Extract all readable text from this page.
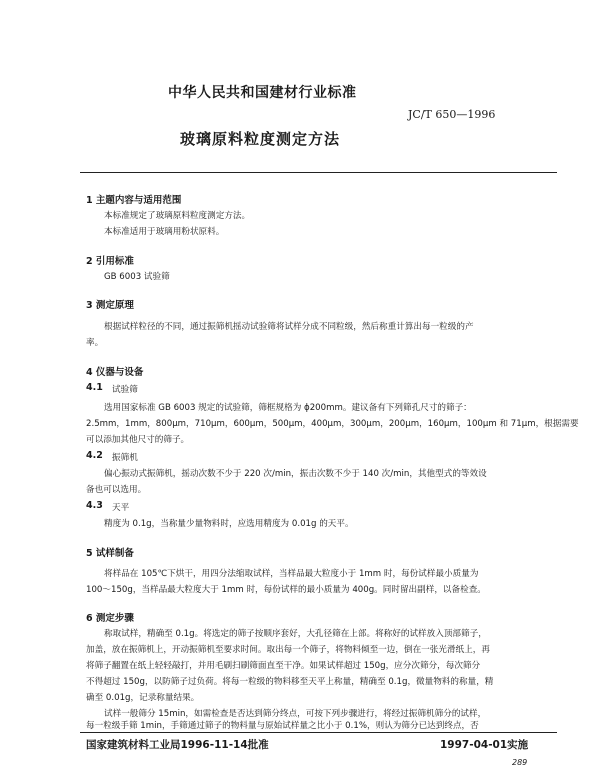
中华人民共和国建材行业标准
JC/T 650—1996
玻璃原料粒度测定方法
1 主题内容与适用范围
本标准规定了玻璃原料粒度测定方法。
本标准适用于玻璃用粉状原料。
2 引用标准
GB 6003 试验筛
3 测定原理
根据试样粒径的不同，通过振筛机摇动试验筛将试样分成不同粒级，然后称重计算出每一粒级的产
率。
4 仪器与设备
4.1 试验筛
选用国家标准 GB 6003 规定的试验筛，筛框规格为 ϕ200mm。建议备有下列筛孔尺寸的筛子：
2.5mm，1mm，800μm，710μm，600μm，500μm，400μm，300μm，200μm，160μm，100μm 和 71μm，根据需要
可以添加其他尺寸的筛子。
4.2 振筛机
偏心振动式振筛机，摇动次数不少于 220 次/min，振击次数不少于 140 次/min，其他型式的等效设
备也可以选用。
4.3 天平
精度为 0.1g，当称量少量物料时，应选用精度为 0.01g 的天平。
5 试样制备
将样品在 105℃下烘干，用四分法缩取试样，当样品最大粒度小于 1mm 时，每份试样最小质量为
100～150g，当样品最大粒度大于 1mm 时，每份试样的最小质量为 400g。同时留出副样，以备检查。
6 测定步骤
称取试样，精确至 0.1g。将选定的筛子按顺序套好，大孔径筛在上部。将称好的试样放入顶部筛子，
加盖，放在振筛机上，开动振筛机至要求时间。取出每一个筛子，将物料倾至一边，倒在一张光滑纸上，再
将筛子翻置在纸上轻轻敲打，并用毛刷扫刷筛面直至干净。如果试样超过 150g，应分次筛分，每次筛分
不得超过 150g，以防筛子过负荷。将每一粒级的物料移至天平上称量，精确至 0.1g，微量物料的称量，精
确至 0.01g，记录称量结果。
试样一般筛分 15min，如需检查是否达到筛分终点，可按下列步骤进行，将经过振筛机筛分的试样，
每一粒级手筛 1min，手筛通过筛子的物料量与原始试样量之比小于 0.1%，则认为筛分已达到终点，否
国家建筑材料工业局1996-11-14批准	1997-04-01实施
289
